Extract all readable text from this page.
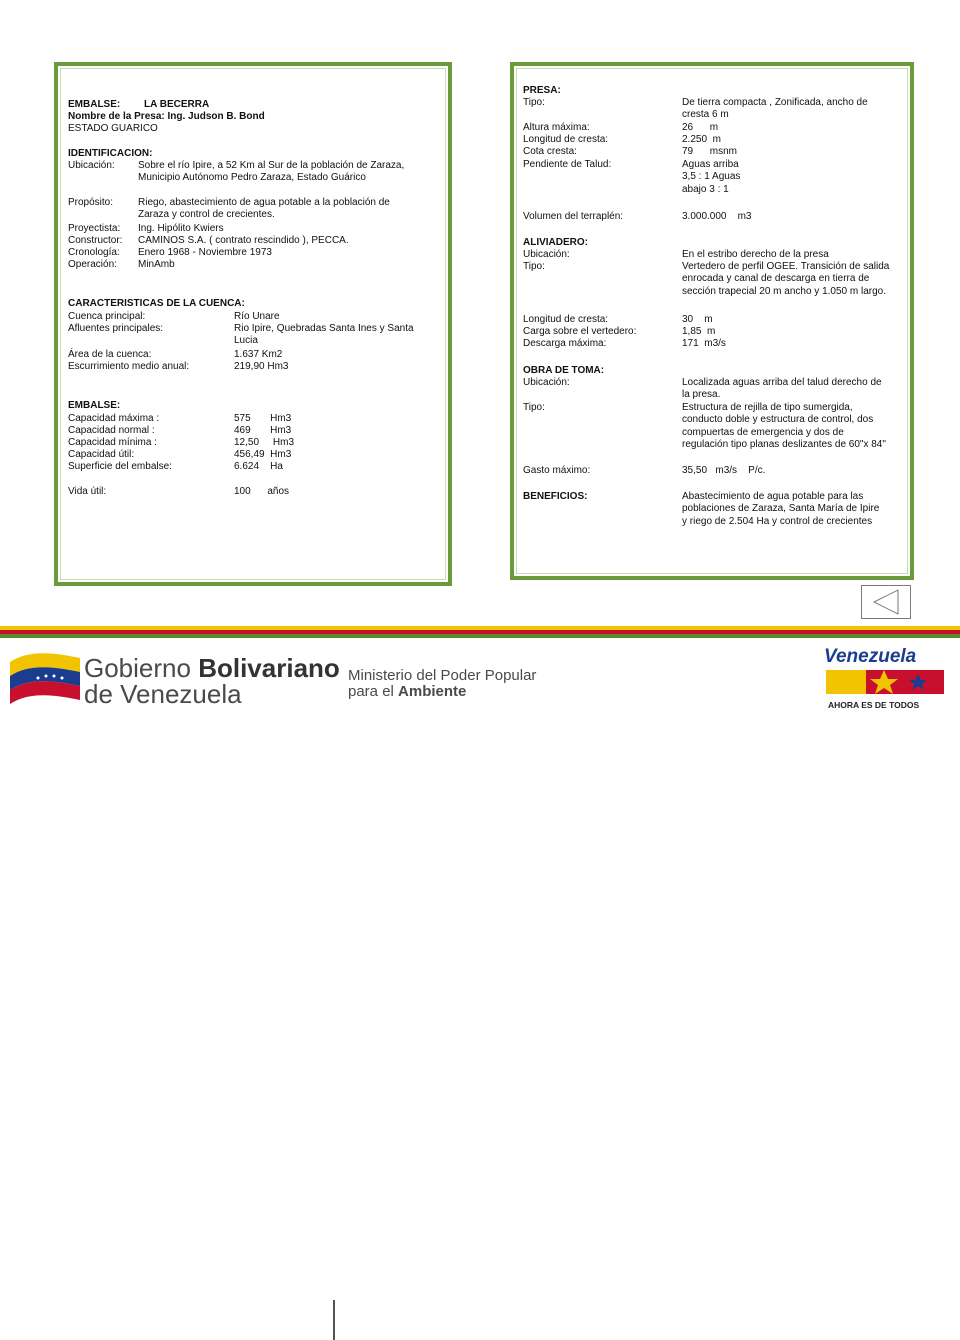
EMBALSE: LA BECERRA
Nombre de la Presa: Ing. Judson B. Bond
ESTADO GUARICO
IDENTIFICACION:
Ubicación: Sobre el río Ipire, a 52 Km al Sur de la población de Zaraza, Municipio Autónomo Pedro Zaraza, Estado Guárico
Propósito: Riego, abastecimiento de agua potable a la población de Zaraza y control de crecientes.
Proyectista: Ing. Hipólito Kwiers
Constructor: CAMINOS S.A. ( contrato rescindido ), PECCA.
Cronología: Enero 1968 - Noviembre 1973
Operación: MinAmb
CARACTERISTICAS DE LA CUENCA:
Cuenca principal:	Río Unare
Afluentes principales:	Rio Ipire, Quebradas Santa Ines y Santa Lucia
Área de la cuenca:	1.637 Km2
Escurrimiento medio anual:	219,90 Hm3
EMBALSE:
Capacidad máxima :	575       Hm3
Capacidad normal :	469       Hm3
Capacidad mínima :	12,50     Hm3
Capacidad útil:	456,49  Hm3
Superficie del embalse:	6.624    Ha
Vida útil:	100      años
PRESA:
Tipo:	De tierra compacta , Zonificada, ancho de cresta 6 m
Altura máxima:	26      m
Longitud de cresta:	2.250  m
Cota cresta:	79      msnm
Pendiente de Talud:	Aguas arriba 3,5 : 1 Aguas abajo 3 : 1
Volumen del terraplén:	3.000.000    m3
ALIVIADERO:
Ubicación:	En el estribo derecho de la presa
Tipo:	Vertedero de perfil OGEE. Transición de salida enrocada y canal de descarga en tierra de sección trapecial 20 m ancho y 1.050 m largo.
Longitud de cresta:	30    m
Carga sobre el vertedero:	1,85  m
Descarga máxima:	171  m3/s
OBRA DE TOMA:
Ubicación:	Localizada aguas arriba del talud derecho de la presa.
Tipo:	Estructura de rejilla de tipo sumergida, conducto doble y estructura de control, dos compuertas de emergencia y dos de regulación tipo planas deslizantes de 60"x 84"
Gasto máximo:	35,50   m3/s    P/c.
BENEFICIOS:	Abastecimiento de agua potable para las poblaciones de Zaraza, Santa María de Ipire y riego de 2.504 Ha y control de crecientes
Gobierno Bolivariano
de Venezuela
Ministerio del Poder Popular
para el Ambiente
Venezuela
AHORA ES DE TODOS
